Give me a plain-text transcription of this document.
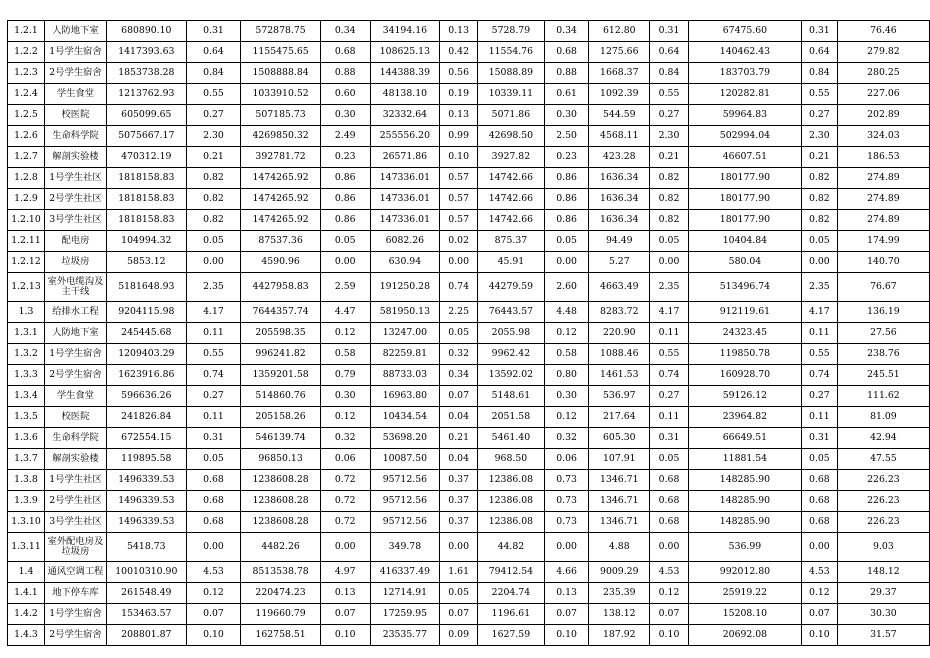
1.2.1	人防地下室	680890.10	0.31	572878.75	0.34	34194.16	0.13	5728.79	0.34	612.80	0.31	67475.60	0.31	76.46
1.2.2	1号学生宿舍	1417393.63	0.64	1155475.65	0.68	108625.13	0.42	11554.76	0.68	1275.66	0.64	140462.43	0.64	279.82
1.2.3	2号学生宿舍	1853738.28	0.84	1508888.84	0.88	144388.39	0.56	15088.89	0.88	1668.37	0.84	183703.79	0.84	280.25
1.2.4	学生食堂	1213762.93	0.55	1033910.52	0.60	48138.10	0.19	10339.11	0.61	1092.39	0.55	120282.81	0.55	227.06
1.2.5	校医院	605099.65	0.27	507185.73	0.30	32332.64	0.13	5071.86	0.30	544.59	0.27	59964.83	0.27	202.89
1.2.6	生命科学院	5075667.17	2.30	4269850.32	2.49	255556.20	0.99	42698.50	2.50	4568.11	2.30	502994.04	2.30	324.03
1.2.7	解剖实验楼	470312.19	0.21	392781.72	0.23	26571.86	0.10	3927.82	0.23	423.28	0.21	46607.51	0.21	186.53
1.2.8	1号学生社区	1818158.83	0.82	1474265.92	0.86	147336.01	0.57	14742.66	0.86	1636.34	0.82	180177.90	0.82	274.89
1.2.9	2号学生社区	1818158.83	0.82	1474265.92	0.86	147336.01	0.57	14742.66	0.86	1636.34	0.82	180177.90	0.82	274.89
1.2.10	3号学生社区	1818158.83	0.82	1474265.92	0.86	147336.01	0.57	14742.66	0.86	1636.34	0.82	180177.90	0.82	274.89
1.2.11	配电房	104994.32	0.05	87537.36	0.05	6082.26	0.02	875.37	0.05	94.49	0.05	10404.84	0.05	174.99
1.2.12	垃圾房	5853.12	0.00	4590.96	0.00	630.94	0.00	45.91	0.00	5.27	0.00	580.04	0.00	140.70
1.2.13	室外电缆沟及主干线	5181648.93	2.35	4427958.83	2.59	191250.28	0.74	44279.59	2.60	4663.49	2.35	513496.74	2.35	76.67
1.3	给排水工程	9204115.98	4.17	7644357.74	4.47	581950.13	2.25	76443.57	4.48	8283.72	4.17	912119.61	4.17	136.19
1.3.1	人防地下室	245445.68	0.11	205598.35	0.12	13247.00	0.05	2055.98	0.12	220.90	0.11	24323.45	0.11	27.56
1.3.2	1号学生宿舍	1209403.29	0.55	996241.82	0.58	82259.81	0.32	9962.42	0.58	1088.46	0.55	119850.78	0.55	238.76
1.3.3	2号学生宿舍	1623916.86	0.74	1359201.58	0.79	88733.03	0.34	13592.02	0.80	1461.53	0.74	160928.70	0.74	245.51
1.3.4	学生食堂	596636.26	0.27	514860.76	0.30	16963.80	0.07	5148.61	0.30	536.97	0.27	59126.12	0.27	111.62
1.3.5	校医院	241826.84	0.11	205158.26	0.12	10434.54	0.04	2051.58	0.12	217.64	0.11	23964.82	0.11	81.09
1.3.6	生命科学院	672554.15	0.31	546139.74	0.32	53698.20	0.21	5461.40	0.32	605.30	0.31	66649.51	0.31	42.94
1.3.7	解剖实验楼	119895.58	0.05	96850.13	0.06	10087.50	0.04	968.50	0.06	107.91	0.05	11881.54	0.05	47.55
1.3.8	1号学生社区	1496339.53	0.68	1238608.28	0.72	95712.56	0.37	12386.08	0.73	1346.71	0.68	148285.90	0.68	226.23
1.3.9	2号学生社区	1496339.53	0.68	1238608.28	0.72	95712.56	0.37	12386.08	0.73	1346.71	0.68	148285.90	0.68	226.23
1.3.10	3号学生社区	1496339.53	0.68	1238608.28	0.72	95712.56	0.37	12386.08	0.73	1346.71	0.68	148285.90	0.68	226.23
1.3.11	室外配电房及垃圾房	5418.73	0.00	4482.26	0.00	349.78	0.00	44.82	0.00	4.88	0.00	536.99	0.00	9.03
1.4	通风空调工程	10010310.90	4.53	8513538.78	4.97	416337.49	1.61	79412.54	4.66	9009.29	4.53	992012.80	4.53	148.12
1.4.1	地下停车库	261548.49	0.12	220474.23	0.13	12714.91	0.05	2204.74	0.13	235.39	0.12	25919.22	0.12	29.37
1.4.2	1号学生宿舍	153463.57	0.07	119660.79	0.07	17259.95	0.07	1196.61	0.07	138.12	0.07	15208.10	0.07	30.30
1.4.3	2号学生宿舍	208801.87	0.10	162758.51	0.10	23535.77	0.09	1627.59	0.10	187.92	0.10	20692.08	0.10	31.57
